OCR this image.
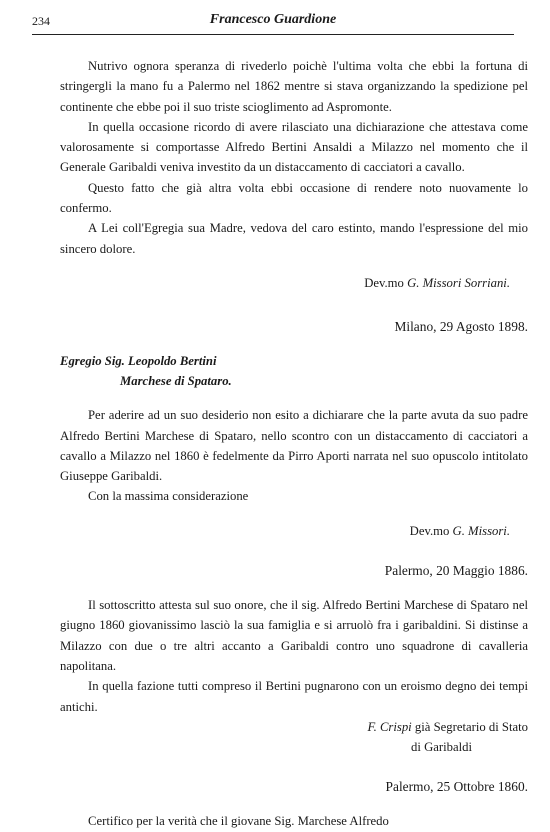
234	Francesco Guardione

Nutrivo ognora speranza di rivederlo poichè l'ultima volta che ebbi la fortuna di stringergli la mano fu a Palermo nel 1862 mentre si stava organizzando la spedizione pel continente che ebbe poi il suo triste scioglimento ad Aspromonte.

In quella occasione ricordo di avere rilasciato una dichiarazione che attestava come valorosamente si comportasse Alfredo Bertini Ansaldi a Milazzo nel momento che il Generale Garibaldi veniva investito da un distaccamento di cacciatori a cavallo.

Questo fatto che già altra volta ebbi occasione di rendere noto nuovamente lo confermo.

A Lei coll'Egregia sua Madre, vedova del caro estinto, mando l'espressione del mio sincero dolore.

Dev.mo G. Missori Sorriani.
Milano, 29 Agosto 1898.
Egregio Sig. Leopoldo Bertini
Marchese di Spataro.

Per aderire ad un suo desiderio non esito a dichiarare che la parte avuta da suo padre Alfredo Bertini Marchese di Spataro, nello scontro con un distaccamento di cacciatori a cavallo a Milazzo nel 1860 è fedelmente da Pirro Aporti narrata nel suo opuscolo intitolato Giuseppe Garibaldi.

Con la massima considerazione

Dev.mo G. Missori.
Palermo, 20 Maggio 1886.

Il sottoscritto attesta sul suo onore, che il sig. Alfredo Bertini Marchese di Spataro nel giugno 1860 giovanissimo lasciò la sua famiglia e si arruolò fra i garibaldini. Si distinse a Milazzo con due o tre altri accanto a Garibaldi contro uno squadrone di cavalleria napolitana.

In quella fazione tutti compreso il Bertini pugnarono con un eroismo degno dei tempi antichi.

F. Crispi già Segretario di Stato
di Garibaldi
Palermo, 25 Ottobre 1860.

Certifico per la verità che il giovane Sig. Marchese Alfredo
